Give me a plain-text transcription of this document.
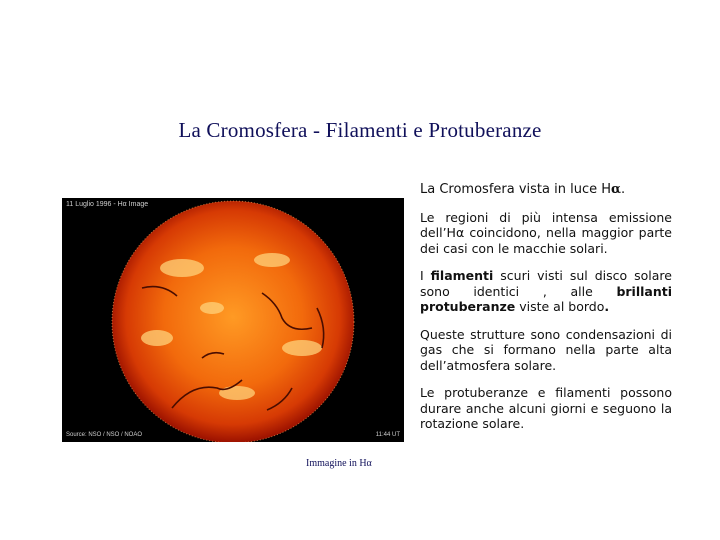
La Cromosfera - Filamenti e Protuberanze
11 Luglio 1996 - Hα Image
Source: NSO / NSO / NOAO	11:44 UT
Immagine in Hα
La Cromosfera vista in luce Hα.

Le regioni di più intensa emissione dell’Hα coincidono, nella maggior parte dei casi con le macchie solari.

I filamenti scuri visti sul disco solare sono identici , alle brillanti protuberanze viste al bordo.

Queste strutture sono condensazioni di gas che si formano nella parte alta dell’atmosfera solare.

Le protuberanze e filamenti possono durare anche alcuni giorni e seguono la rotazione solare.
